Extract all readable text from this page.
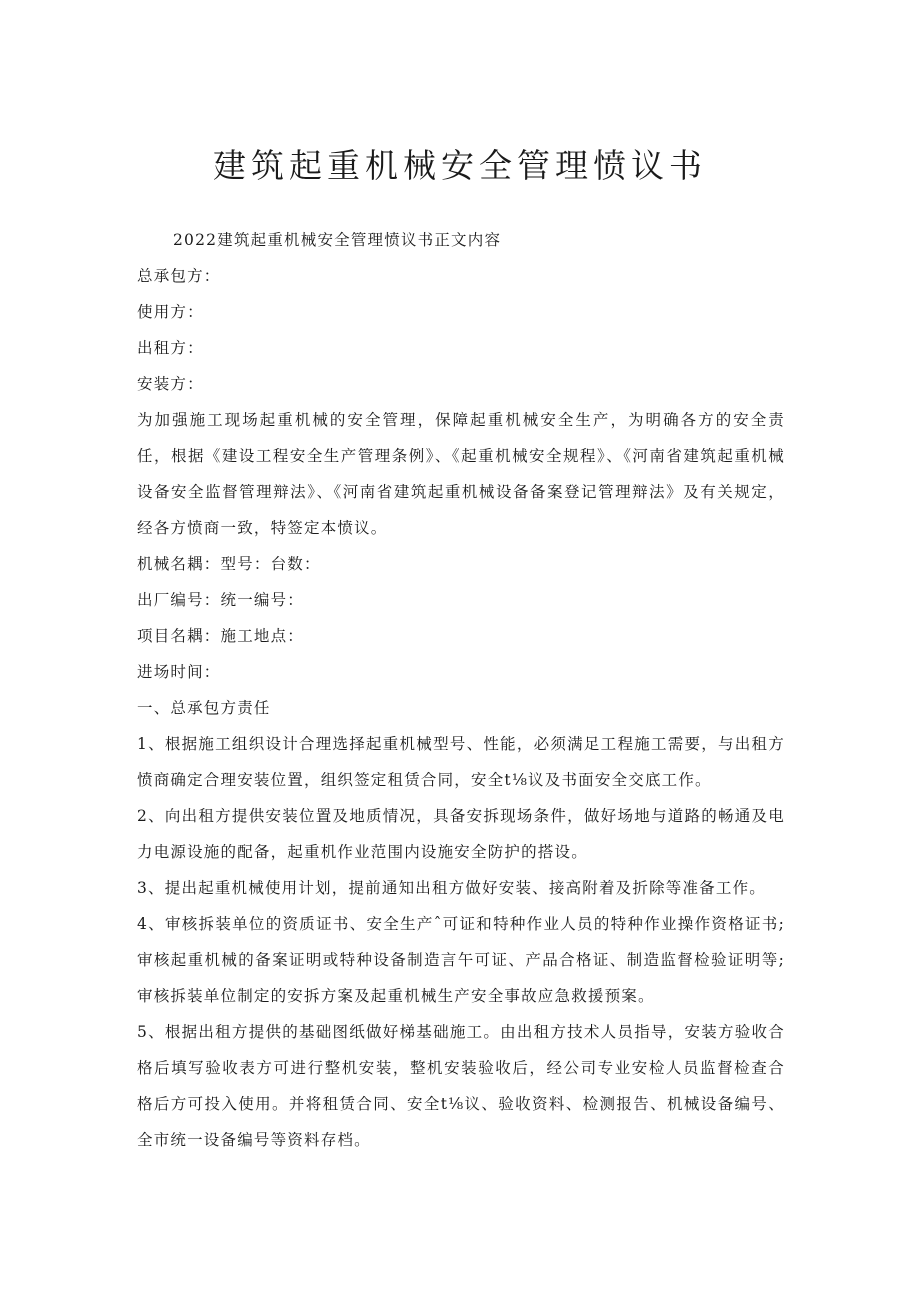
建筑起重机械安全管理愤议书

2022建筑起重机械安全管理愤议书正文内容

总承包方：

使用方：

出租方：

安装方：

为加强施工现场起重机械的安全管理，保障起重机械安全生产，为明确各方的安全责任，根据《建设工程安全生产管理条例》、《起重机械安全规程》、《河南省建筑起重机械设备安全监督管理辩法》、《河南省建筑起重机械设备备案登记管理辩法》及有关规定，经各方愤商一致，特签定本愤议。

机械名耦：型号：台数：

出厂编号：统一编号：

项目名耦：施工地点：

进场时间：

一、总承包方责任

1、根据施工组织设计合理选择起重机械型号、性能，必须满足工程施工需要，与出租方愤商确定合理安装位置，组织签定租赁合同，安全t⅛议及书面安全交底工作。

2、向出租方提供安装位置及地质情况，具备安拆现场条件，做好场地与道路的畅通及电力电源设施的配备，起重机作业范围内设施安全防护的搭设。

3、提出起重机械使用计划，提前通知出租方做好安装、接高附着及折除等准备工作。

4、审核拆装单位的资质证书、安全生产ˆ可证和特种作业人员的特种作业操作资格证书;审核起重机械的备案证明或特种设备制造言午可证、产品合格证、制造监督检验证明等;审核拆装单位制定的安拆方案及起重机械生产安全事故应急救援预案。

5、根据出租方提供的基础图纸做好梯基础施工。由出租方技术人员指导，安装方验收合格后填写验收表方可进行整机安装，整机安装验收后，经公司专业安检人员监督检查合格后方可投入使用。并将租赁合同、安全t⅛议、验收资料、检测报告、机械设备编号、全市统一设备编号等资料存档。
